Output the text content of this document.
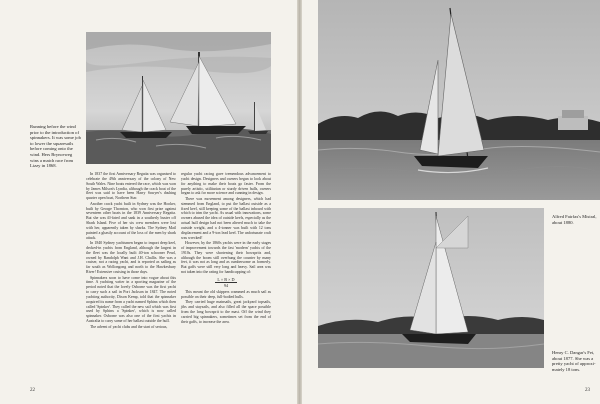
Running before the wind

prior to the introduction of

spinnakers. It was some job

to lower the squaresails

before coming onto the

wind. Hers Brynceweg

wins a match race from

Lizzy in 1868.

In 1837 the first Anniversary Regatta was organised to celebrate the 49th anniversary of the colony of New South Wales. Nine boats entered the race, which was won by James Milson's Lyndia, although the crack boat of the fleet was said to have been Harry Sawyer's dashing quarter open boat, Northern Star.

Another crack yacht built in Sydney was the Hooker, built by George Thornton, who won first prize against seventeen other boats in the 1839 Anniversary Regatta. But she was ill-fated and sank in a southerly buster off Shark Island. Five of her six crew members were lost with her, apparently taken by sharks. The Sydney Mail painted a ghastly account of the loss of the men by shark attack.

In 1840 Sydney yachtsmen began to import deep keel, decked-in yachts from England, although the largest in the fleet was the locally built 40-ton schooner Pearl, owned by Randolph Want and J.H. Challis. She was a cruiser, not a racing yacht, and is reported as sailing as far south as Wollongong and north to the Hawkesbury River! Extensive cruising in those days.

Spinnakers soon to have come into vogue about this time. A yachting writer in a sporting magazine of the period noted that the lovely Osborne was the first yacht to carry such a sail in Port Jackson in 1847. The noted yachting authority, Dixon Kemp, told that the spinnaker acquired its name from a yacht named Sphinx which then called 'Spinker'. They called the new sail which was first used by Sphinx a 'Spinker', which is now called spinnaker. Osborne was also one of the first yachts in Australia to carry some of her ballast outside the hull.

The advent of yacht clubs and the start of serious,

regular yacht racing gave tremendous advancement to yacht design. Designers and owners began to look about for anything to make their boats go faster. From the purely artistic, utilitarian or sturdy driven hulls, owners began to ask for more science and cunning in design.

There was movement among designers, which had stemmed from England, to put the ballast outside as a fixed keel, still keeping some of the ballast inboard with which to trim the yacht. As usual with innovations, some owners abused the idea of outside keels, especially as the actual hull design had not been altered much to take the outside weight, and a 4-tonner was built with 12 tons displacement and a 9-ton lead keel. The unfortunate craft was wrecked!

However, by the 1860s yachts were in the early stages of improvement towards the fast 'modern' yachts of the 1910s. They were shortening their bowsprits and, although the boom still overhung the counter by many feet, it was not as long and as cumbersome as formerly. But gaffs were still very long and heavy. Sail area was not taken into the rating for handicapping of:

L × B × D
94

This meant the old skippers crammed as much sail as possible on their deep, full-bodied hulls.

They carried huge mainsails, great jackyard topsails, jibs and staysails, and also filled all the space possible from the long bowsprit to the mast. Off the wind they carried big spinnakers, sometimes set from the end of their gaffs, to increase the area.

22

Alfred Fairfax's Mistral,

about 1880.

Henry C. Dangar's Fei,

about 1877. She was a

pretty yacht of approxi-

mately 18 tons.

23
